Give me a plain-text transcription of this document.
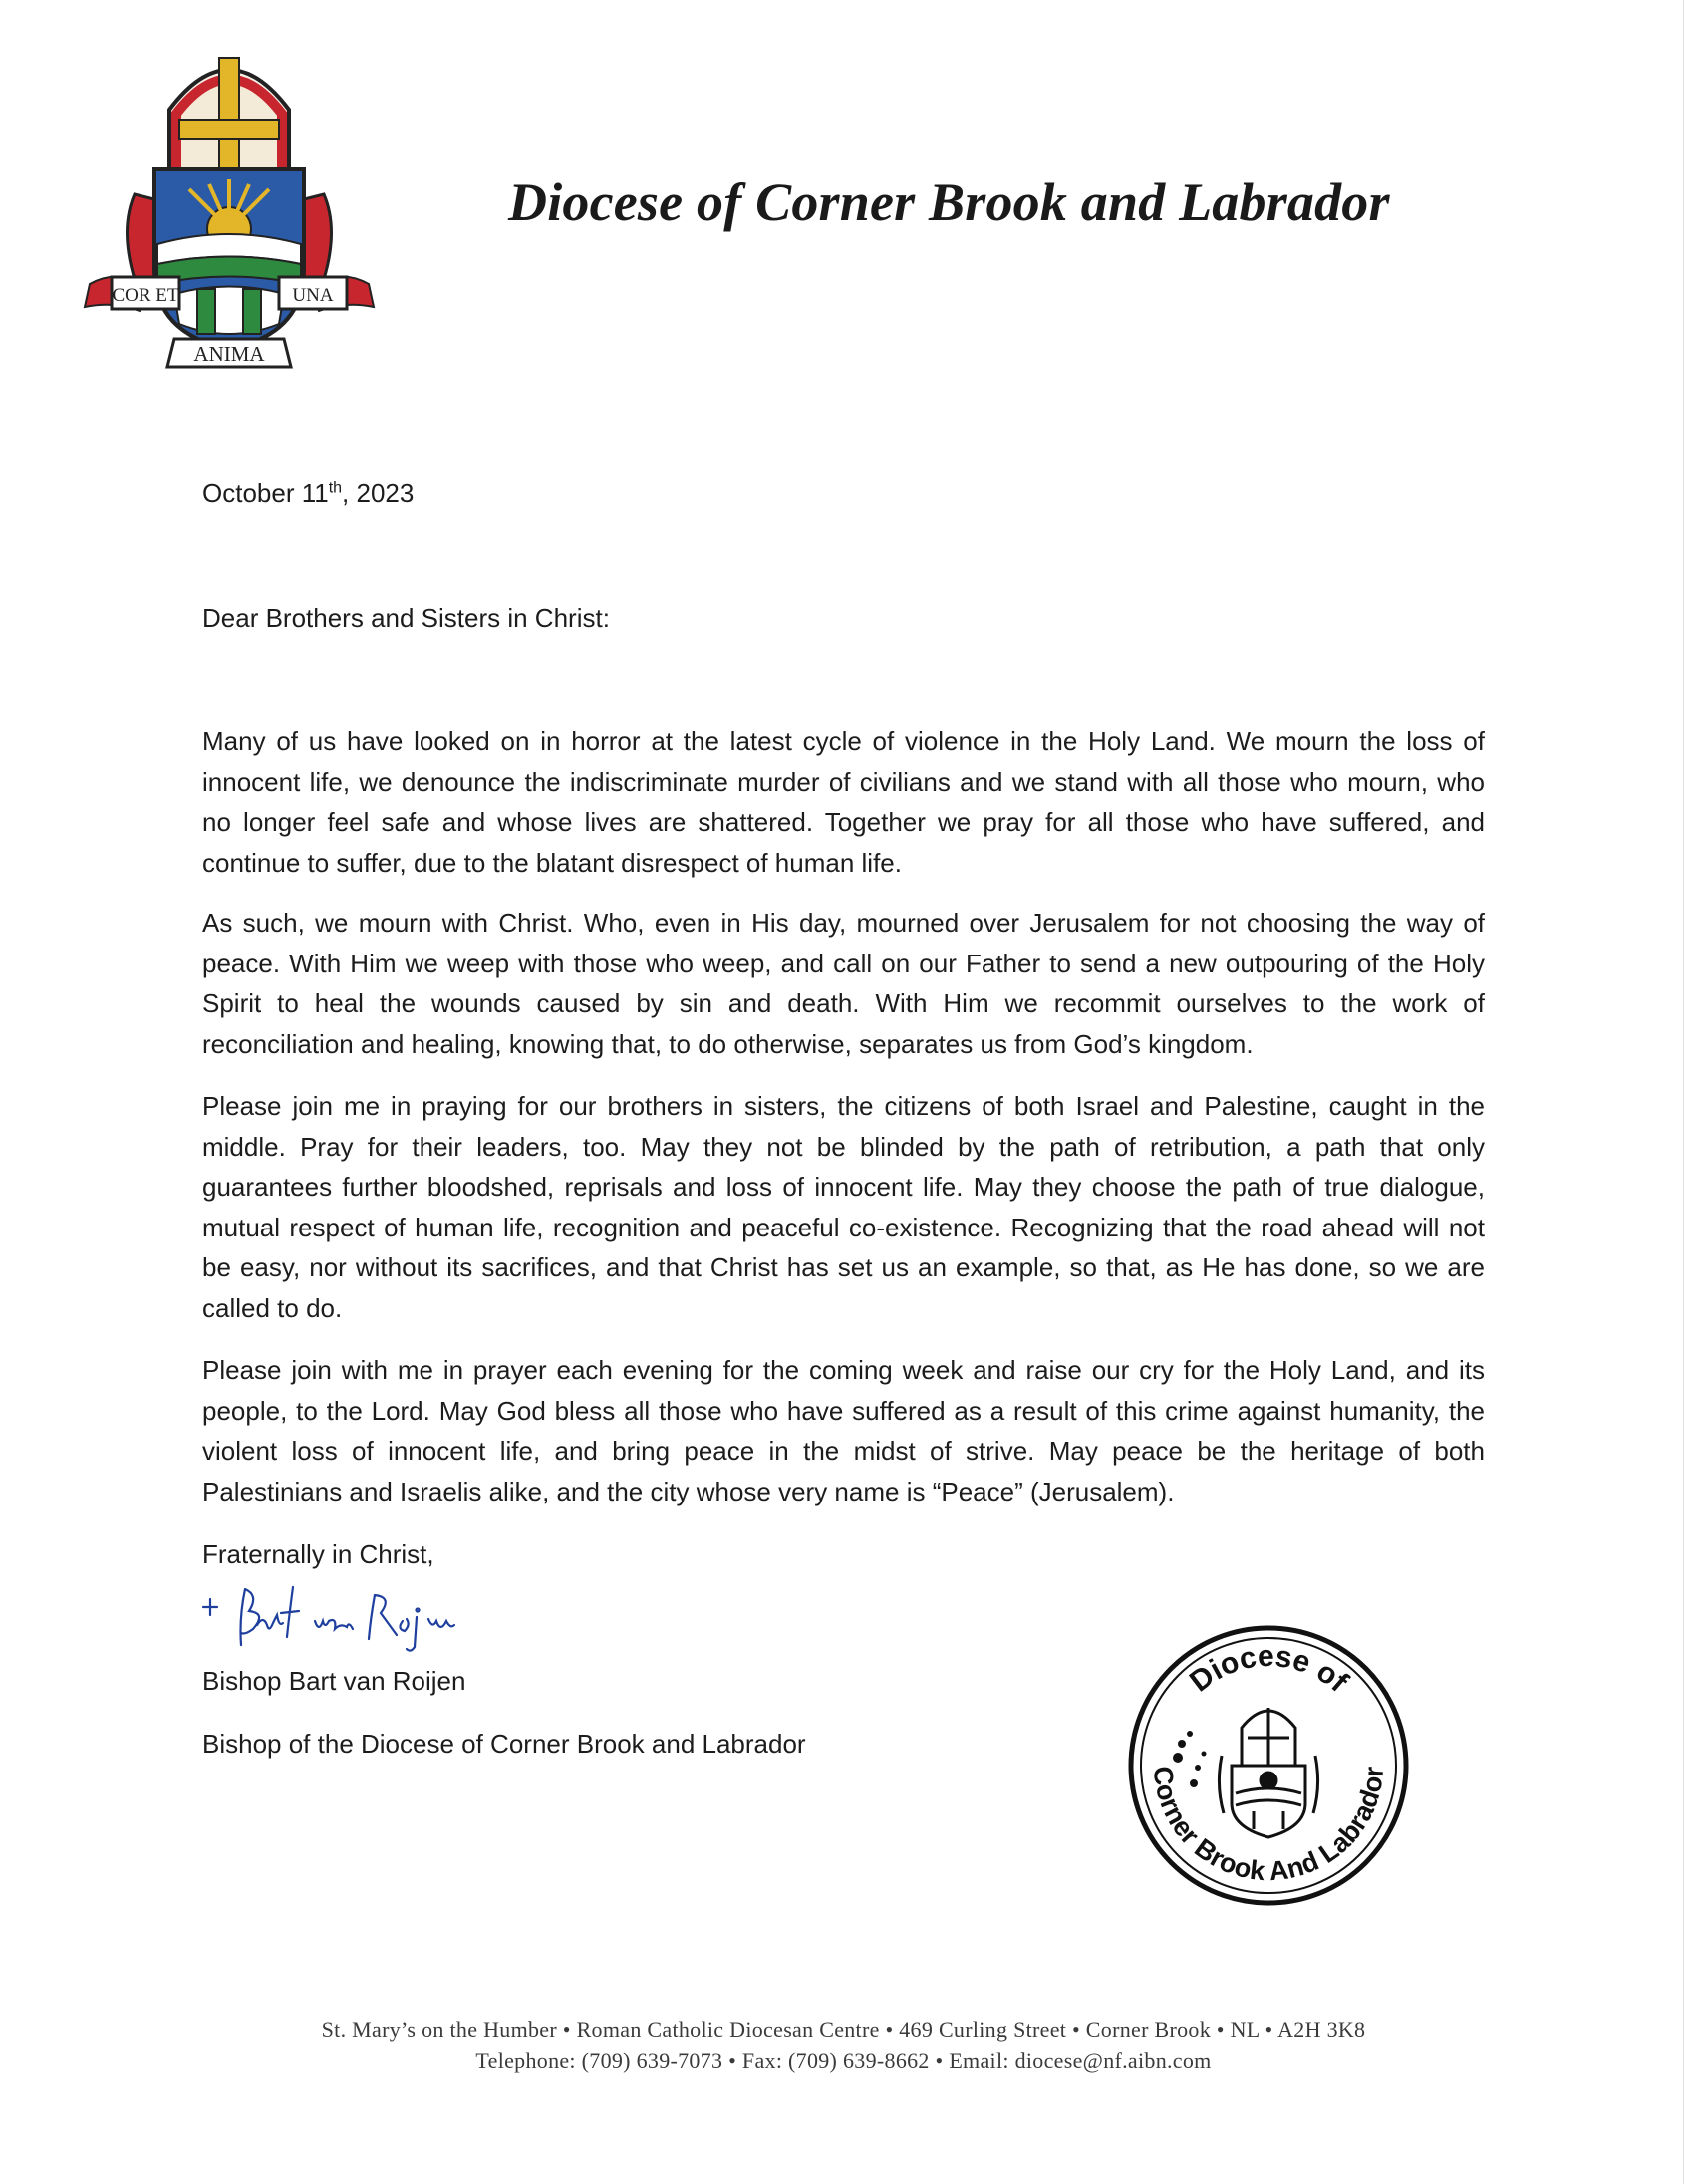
COR ET	UNA
ANIMA
Diocese of Corner Brook and Labrador
October 11th, 2023
Dear Brothers and Sisters in Christ:

Many of us have looked on in horror at the latest cycle of violence in the Holy Land. We mourn the loss of innocent life, we denounce the indiscriminate murder of civilians and we stand with all those who mourn, who no longer feel safe and whose lives are shattered. Together we pray for all those who have suffered, and continue to suffer, due to the blatant disrespect of human life.

As such, we mourn with Christ. Who, even in His day, mourned over Jerusalem for not choosing the way of peace. With Him we weep with those who weep, and call on our Father to send a new outpouring of the Holy Spirit to heal the wounds caused by sin and death. With Him we recommit ourselves to the work of reconciliation and healing, knowing that, to do otherwise, separates us from God’s kingdom.

Please join me in praying for our brothers in sisters, the citizens of both Israel and Palestine, caught in the middle. Pray for their leaders, too. May they not be blinded by the path of retribution, a path that only guarantees further bloodshed, reprisals and loss of innocent life. May they choose the path of true dialogue, mutual respect of human life, recognition and peaceful co-existence. Recognizing that the road ahead will not be easy, nor without its sacrifices, and that Christ has set us an example, so that, as He has done, so we are called to do.

Please join with me in prayer each evening for the coming week and raise our cry for the Holy Land, and its people, to the Lord. May God bless all those who have suffered as a result of this crime against humanity, the violent loss of innocent life, and bring peace in the midst of strive. May peace be the heritage of both Palestinians and Israelis alike, and the city whose very name is “Peace” (Jerusalem).

Fraternally in Christ,
Bishop Bart van Roijen
Bishop of the Diocese of Corner Brook and Labrador
Diocese of
Corner Brook And Labrador
St. Mary’s on the Humber • Roman Catholic Diocesan Centre • 469 Curling Street • Corner Brook • NL • A2H 3K8
Telephone: (709) 639-7073 • Fax: (709) 639-8662 • Email: diocese@nf.aibn.com
